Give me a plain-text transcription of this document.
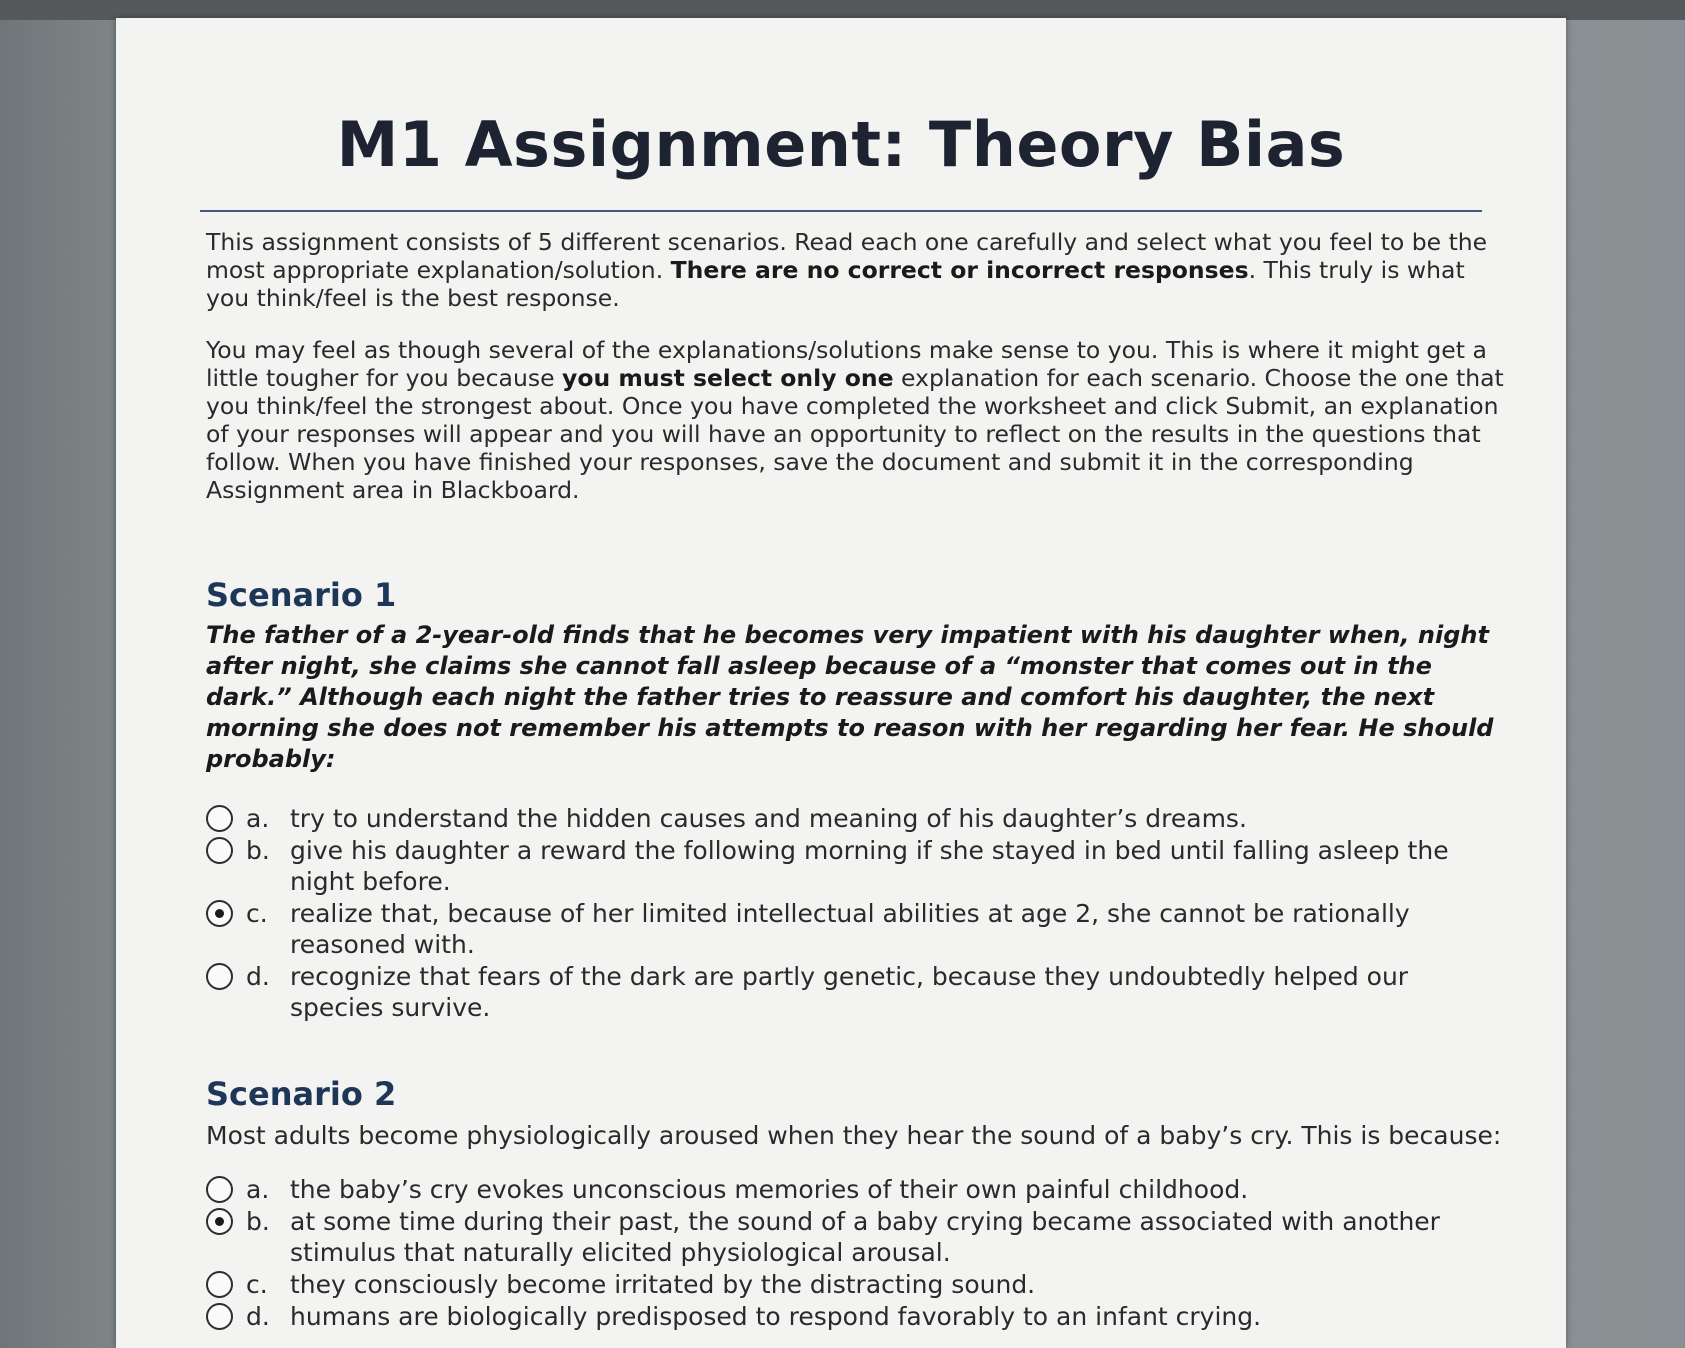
M1 Assignment: Theory Bias

This assignment consists of 5 different scenarios. Read each one carefully and select what you feel to be the most appropriate explanation/solution. There are no correct or incorrect responses. This truly is what you think/feel is the best response.

You may feel as though several of the explanations/solutions make sense to you. This is where it might get a little tougher for you because you must select only one explanation for each scenario. Choose the one that you think/feel the strongest about. Once you have completed the worksheet and click Submit, an explanation of your responses will appear and you will have an opportunity to reflect on the results in the questions that follow. When you have finished your responses, save the document and submit it in the corresponding Assignment area in Blackboard.

Scenario 1

The father of a 2-year-old finds that he becomes very impatient with his daughter when, night after night, she claims she cannot fall asleep because of a “monster that comes out in the dark.” Although each night the father tries to reassure and comfort his daughter, the next morning she does not remember his attempts to reason with her regarding her fear. He should probably:

a. try to understand the hidden causes and meaning of his daughter’s dreams.
b. give his daughter a reward the following morning if she stayed in bed until falling asleep the night before.
c. realize that, because of her limited intellectual abilities at age 2, she cannot be rationally reasoned with.
d. recognize that fears of the dark are partly genetic, because they undoubtedly helped our species survive.
Scenario 2

Most adults become physiologically aroused when they hear the sound of a baby’s cry. This is because:

a. the baby’s cry evokes unconscious memories of their own painful childhood.
b. at some time during their past, the sound of a baby crying became associated with another stimulus that naturally elicited physiological arousal.
c. they consciously become irritated by the distracting sound.
d. humans are biologically predisposed to respond favorably to an infant crying.
